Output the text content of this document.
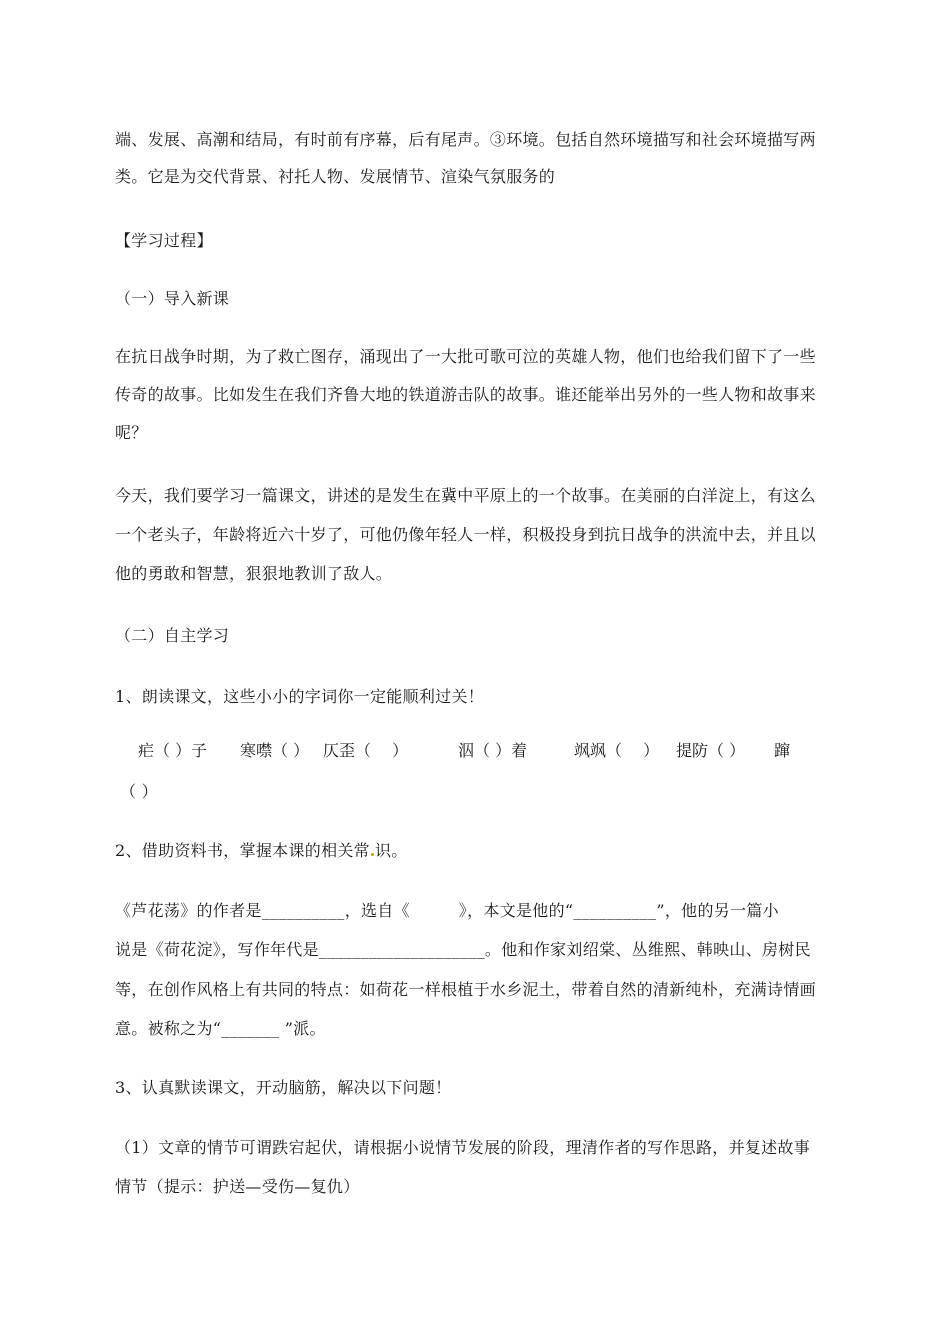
端、发展、高潮和结局，有时前有序幕，后有尾声。③环境。包括自然环境描写和社会环境描写两
类。它是为交代背景、衬托人物、发展情节、渲染气氛服务的
【学习过程】
（一）导入新课
在抗日战争时期，为了救亡图存，涌现出了一大批可歌可泣的英雄人物，他们也给我们留下了一些
传奇的故事。比如发生在我们齐鲁大地的铁道游击队的故事。谁还能举出另外的一些人物和故事来
呢？
今天，我们要学习一篇课文，讲述的是发生在冀中平原上的一个故事。在美丽的白洋淀上，有这么
一个老头子，年龄将近六十岁了，可他仍像年轻人一样，积极投身到抗日战争的洪流中去，并且以
他的勇敢和智慧，狠狠地教训了敌人。
（二）自主学习
1、朗读课文，这些小小的字词你一定能顺利过关！
疟（ ）子 寒噤（ ） 仄歪（　 ）	泅（ ）着	飒飒（　 ） 提防（ ） 蹿
（ ）
2、借助资料书，掌握本课的相关常 识。
《芦花荡》的作者是__________，选自《　　　》，本文是他的“__________”，他的另一篇小
说是《荷花淀》，写作年代是____________________。他和作家刘绍棠、丛维熙、韩映山、房树民
等，在创作风格上有共同的特点：如荷花一样根植于水乡泥土，带着自然的清新纯朴，充满诗情画
意。被称之为“_______ ”派。
3、认真默读课文，开动脑筋，解决以下问题！
（1）文章的情节可谓跌宕起伏，请根据小说情节发展的阶段，理清作者的写作思路，并复述故事
情节（提示：护送—受伤—复仇）
